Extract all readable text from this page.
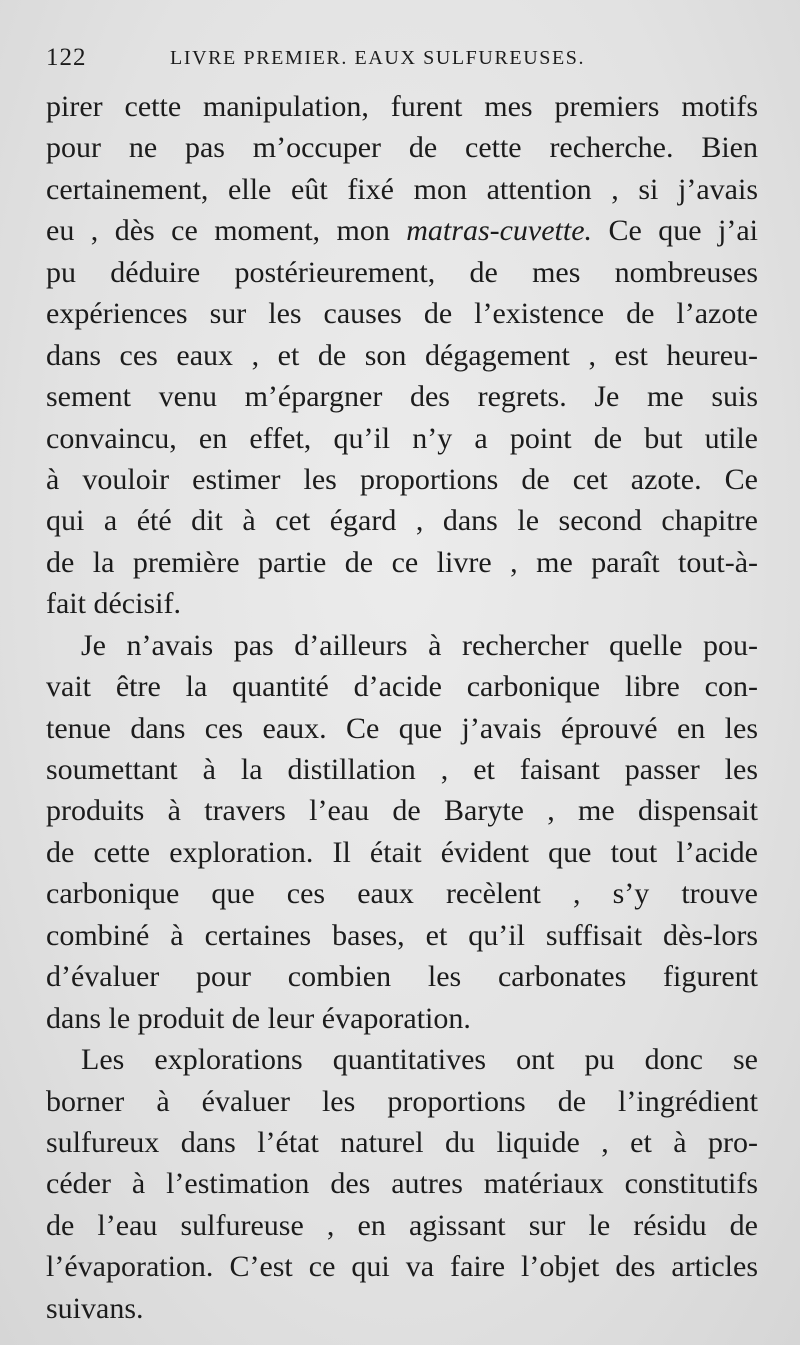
122	LIVRE PREMIER. EAUX SULFUREUSES.
pirer cette manipulation, furent mes premiers motifs
pour ne pas m’occuper de cette recherche. Bien
certainement, elle eût fixé mon attention , si j’avais
eu , dès ce moment, mon matras-cuvette. Ce que j’ai
pu déduire postérieurement, de mes nombreuses
expériences sur les causes de l’existence de l’azote
dans ces eaux , et de son dégagement , est heureu-
sement venu m’épargner des regrets. Je me suis
convaincu, en effet, qu’il n’y a point de but utile
à vouloir estimer les proportions de cet azote. Ce
qui a été dit à cet égard , dans le second chapitre
de la première partie de ce livre , me paraît tout-à-
fait décisif.
Je n’avais pas d’ailleurs à rechercher quelle pou-
vait être la quantité d’acide carbonique libre con-
tenue dans ces eaux. Ce que j’avais éprouvé en les
soumettant à la distillation , et faisant passer les
produits à travers l’eau de Baryte , me dispensait
de cette exploration. Il était évident que tout l’acide
carbonique que ces eaux recèlent , s’y trouve
combiné à certaines bases, et qu’il suffisait dès-lors
d’évaluer pour combien les carbonates figurent
dans le produit de leur évaporation.
Les explorations quantitatives ont pu donc se
borner à évaluer les proportions de l’ingrédient
sulfureux dans l’état naturel du liquide , et à pro-
céder à l’estimation des autres matériaux constitutifs
de l’eau sulfureuse , en agissant sur le résidu de
l’évaporation. C’est ce qui va faire l’objet des articles
suivans.
